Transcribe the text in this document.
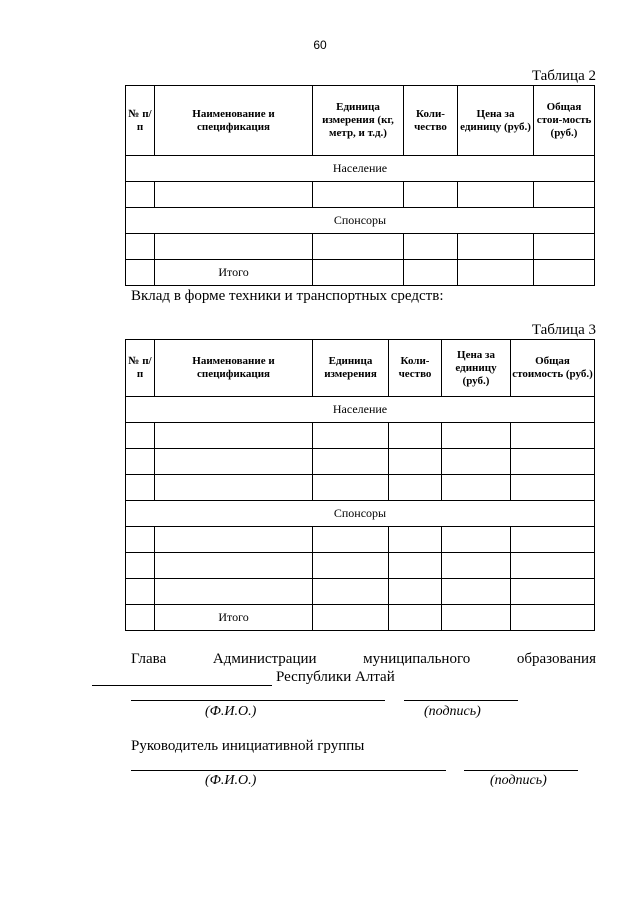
60
Таблица 2
№ п/п	Наименование и спецификация	Единица измерения (кг, метр, и т.д.)	Коли-чество	Цена за единицу (руб.)	Общая стои-мость (руб.)
Население					

Спонсоры					

	Итого				
Вклад в форме техники и транспортных средств:
Таблица 3
№ п/п	Наименование и спецификация	Единица измерения	Коли-чество	Цена за единицу (руб.)	Общая стоимость (руб.)
Население					

Спонсоры					

	Итого				
Глава	Администрации	муниципального	образования
Республики Алтай
(Ф.И.О.)	(подпись)
Руководитель инициативной группы
(Ф.И.О.)	(подпись)
